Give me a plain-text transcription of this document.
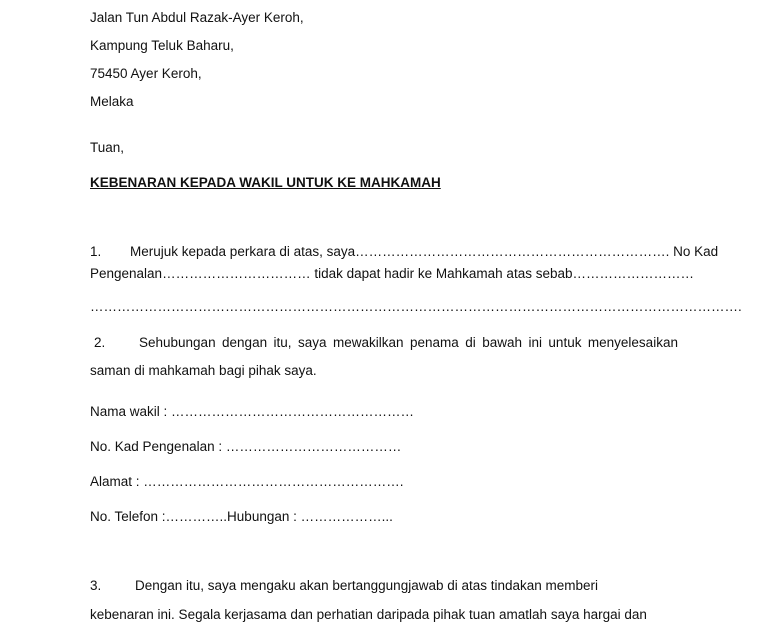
Jalan Tun Abdul Razak-Ayer Keroh,
Kampung Teluk Baharu,
75450 Ayer Keroh,
Melaka
Tuan,
KEBENARAN KEPADA WAKIL UNTUK KE MAHKAMAH
1. Merujuk kepada perkara di atas, saya……………………………………………………………. No Kad
Pengenalan…………………………… tidak dapat hadir ke Mahkamah atas sebab………………………
……………………………………………………………………………………………………………………………….
2. Sehubungan dengan itu, saya mewakilkan penama di bawah ini untuk menyelesaikan
saman di mahkamah bagi pihak saya.
Nama wakil : ………………………………………………
No. Kad Pengenalan : …………………………………
Alamat : ………………………………………………….
No. Telefon :…………..Hubungan : ………………...
3. Dengan itu, saya mengaku akan bertanggungjawab di atas tindakan memberi
kebenaran ini. Segala kerjasama dan perhatian daripada pihak tuan amatlah saya hargai dan
